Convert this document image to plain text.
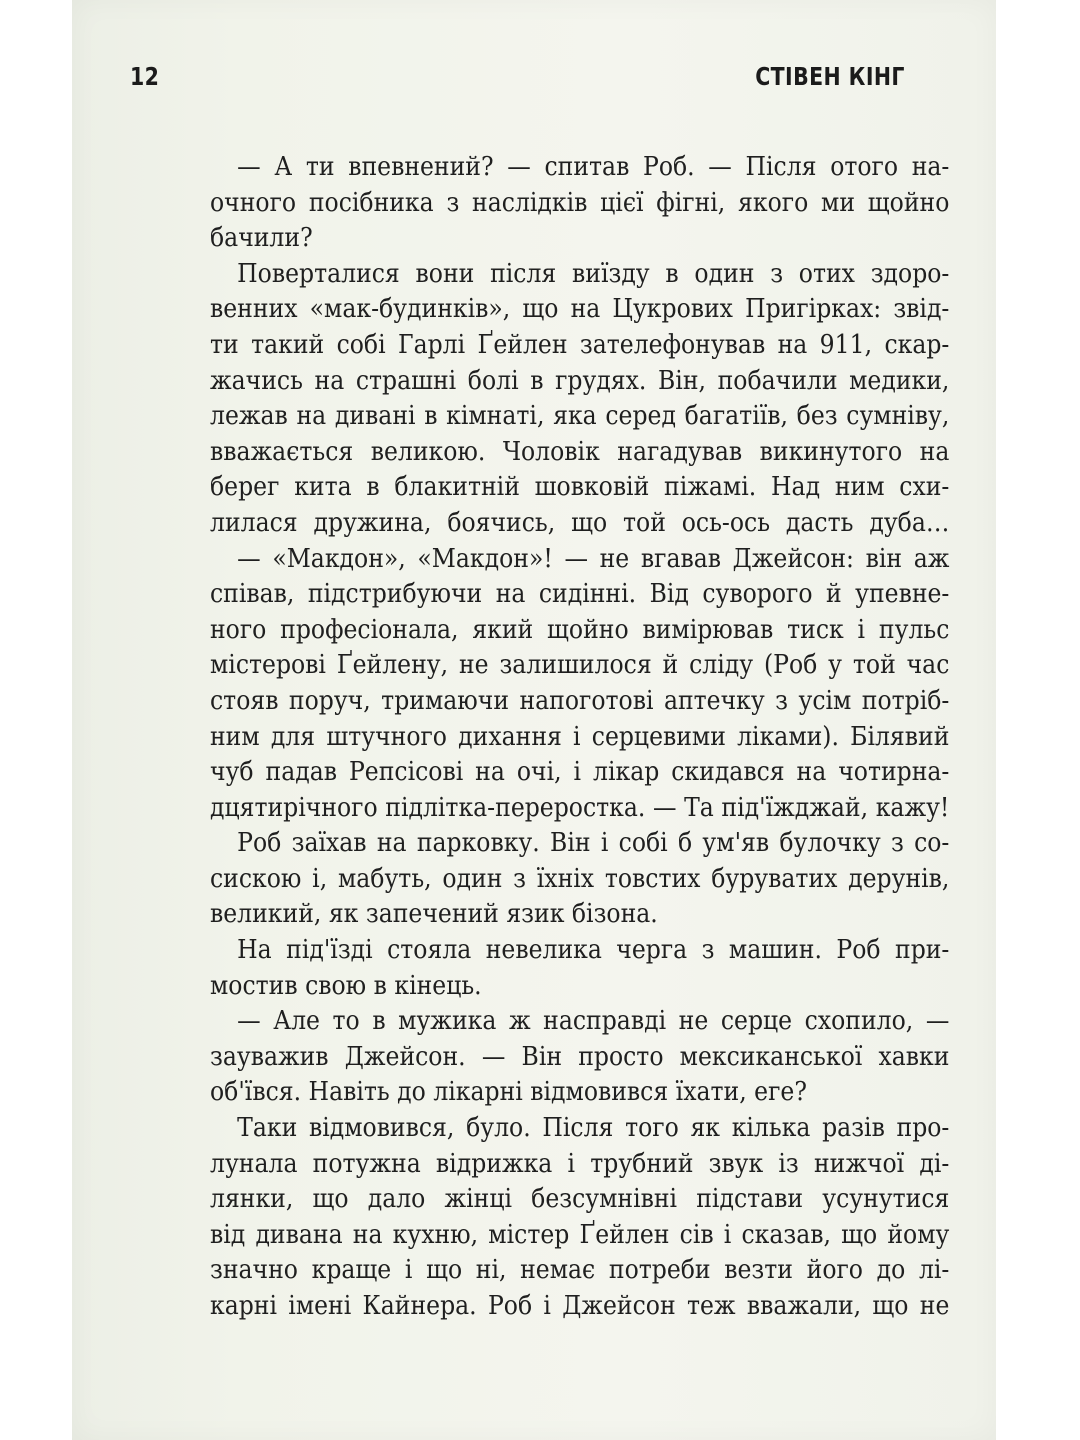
12	СТІВЕН КІНГ
— А ти впевнений? — спитав Роб. — Після отого на-
очного посібника з наслідків цієї фігні, якого ми щойно
бачили?
Поверталися вони після виїзду в один з отих здоро-
венних «мак-будинків», що на Цукрових Пригірках: звід-
ти такий собі Гарлі Ґейлен зателефонував на 911, скар-
жачись на страшні болі в грудях. Він, побачили медики,
лежав на дивані в кімнаті, яка серед багатіїв, без сумніву,
вважається великою. Чоловік нагадував викинутого на
берег кита в блакитній шовковій піжамі. Над ним схи-
лилася дружина, боячись, що той ось-ось дасть дуба…
— «Макдон», «Макдон»! — не вгавав Джейсон: він аж
співав, підстрибуючи на сидінні. Від суворого й упевне-
ного професіонала, який щойно вимірював тиск і пульс
містерові Ґейлену, не залишилося й сліду (Роб у той час
стояв поруч, тримаючи напоготові аптечку з усім потріб-
ним для штучного дихання і серцевими ліками). Білявий
чуб падав Репсісові на очі, і лікар скидався на чотирна-
дцятирічного підлітка-переростка. — Та під'їжджай, кажу!
Роб заїхав на парковку. Він і собі б ум'яв булочку з со-
сискою і, мабуть, один з їхніх товстих буруватих дерунів,
великий, як запечений язик бізона.
На під'їзді стояла невелика черга з машин. Роб при-
мостив свою в кінець.
— Але то в мужика ж насправді не серце схопило, —
зауважив Джейсон. — Він просто мексиканської хавки
об'ївся. Навіть до лікарні відмовився їхати, еге?
Таки відмовився, було. Після того як кілька разів про-
лунала потужна відрижка і трубний звук із нижчої ді-
лянки, що дало жінці безсумнівні підстави усунутися
від дивана на кухню, містер Ґейлен сів і сказав, що йому
значно краще і що ні, немає потреби везти його до лі-
карні імені Кайнера. Роб і Джейсон теж вважали, що не
